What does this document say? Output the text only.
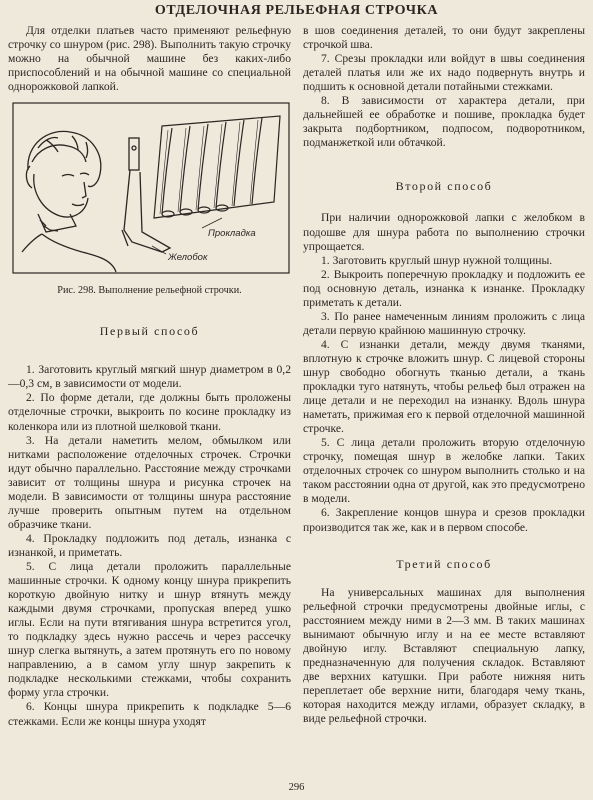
ОТДЕЛОЧНАЯ РЕЛЬЕФНАЯ СТРОЧКА

Для отделки платьев часто применяют рельефную строчку со шнуром (рис. 298). Выполнить такую строчку можно на обычной машине без каких-либо приспособлений и на обычной машине со специальной однорожковой лапкой.

Прокладка
Желобок
Рис. 298. Выполнение рельефной строчки.
Первый способ

1. Заготовить круглый мягкий шнур диаметром в 0,2—0,3 см, в зависимости от модели.

2. По форме детали, где должны быть проложены отделочные строчки, выкроить по косине прокладку из коленкора или из плотной шелковой ткани.

3. На детали наметить мелом, обмылком или нитками расположение отделочных строчек. Строчки идут обычно параллельно. Расстояние между строчками зависит от толщины шнура и рисунка строчек на модели. В зависимости от толщины шнура расстояние лучше проверить опытным путем на отдельном образчике ткани.

4. Прокладку подложить под деталь, изнанка с изнанкой, и приметать.

5. С лица детали проложить параллельные машинные строчки. К одному концу шнура прикрепить короткую двойную нитку и шнур втянуть между каждыми двумя строчками, пропуская вперед ушко иглы. Если на пути втягивания шнура встретится угол, то подкладку здесь нужно рассечь и через рассечку шнур слегка вытянуть, а затем протянуть его по новому направлению, а в самом углу шнур закрепить к подкладке несколькими стежками, чтобы сохранить форму угла строчки.

6. Концы шнура прикрепить к подкладке 5—6 стежками. Если же концы шнура уходят

в шов соединения деталей, то они будут закреплены строчкой шва.

7. Срезы прокладки или войдут в швы соединения деталей платья или же их надо подвернуть внутрь и подшить к основной детали потайными стежками.

8. В зависимости от характера детали, при дальнейшей ее обработке и пошиве, прокладка будет закрыта подбортником, подпосом, подворотником, подманжеткой или обтачкой.

Второй способ

При наличии однорожковой лапки с желобком в подошве для шнура работа по выполнению строчки упрощается.

1. Заготовить круглый шнур нужной толщины.

2. Выкроить поперечную прокладку и подложить ее под основную деталь, изнанка к изнанке. Прокладку приметать к детали.

3. По ранее намеченным линиям проложить с лица детали первую крайнюю машинную строчку.

4. С изнанки детали, между двумя тканями, вплотную к строчке вложить шнур. С лицевой стороны шнур свободно обогнуть тканью детали, а ткань прокладки туго натянуть, чтобы рельеф был отражен на лице детали и не переходил на изнанку. Вдоль шнура наметать, прижимая его к первой отделочной машинной строчке.

5. С лица детали проложить вторую отделочную строчку, помещая шнур в желобке лапки. Таких отделочных строчек со шнуром выполнить столько и на таком расстоянии одна от другой, как это предусмотрено в модели.

6. Закрепление концов шнура и срезов прокладки производится так же, как и в первом способе.

Третий способ

На универсальных машинах для выполнения рельефной строчки предусмотрены двойные иглы, с расстоянием между ними в 2—3 мм. В таких машинах вынимают обычную иглу и на ее месте вставляют двойную иглу. Вставляют специальную лапку, предназначенную для получения складок. Вставляют две верхних катушки. При работе нижняя нить переплетает обе верхние нити, благодаря чему ткань, которая находится между иглами, образует складку, в виде рельефной строчки.

296
